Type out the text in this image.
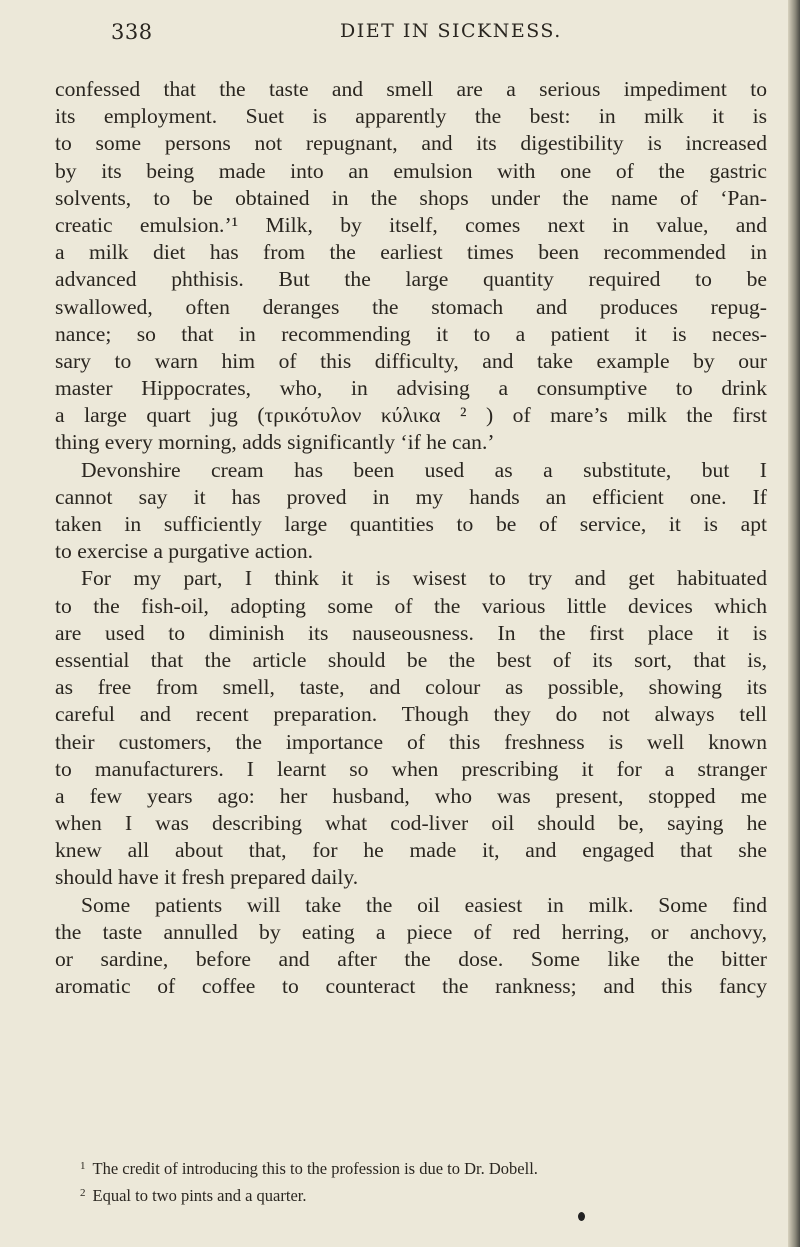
338	DIET IN SICKNESS.
confessed that the taste and smell are a serious impediment to
its employment. Suet is apparently the best: in milk it is
to some persons not repugnant, and its digestibility is increased
by its being made into an emulsion with one of the gastric
solvents, to be obtained in the shops under the name of ‘Pan-
creatic emulsion.’¹ Milk, by itself, comes next in value, and
a milk diet has from the earliest times been recommended in
advanced phthisis. But the large quantity required to be
swallowed, often deranges the stomach and produces repug-
nance; so that in recommending it to a patient it is neces-
sary to warn him of this difficulty, and take example by our
master Hippocrates, who, in advising a consumptive to drink
a large quart jug (τρικότυλον κύλικα ² ) of mare’s milk the first
thing every morning, adds significantly ‘if he can.’
Devonshire cream has been used as a substitute, but I
cannot say it has proved in my hands an efficient one. If
taken in sufficiently large quantities to be of service, it is apt
to exercise a purgative action.
For my part, I think it is wisest to try and get habituated
to the fish-oil, adopting some of the various little devices which
are used to diminish its nauseousness. In the first place it is
essential that the article should be the best of its sort, that is,
as free from smell, taste, and colour as possible, showing its
careful and recent preparation. Though they do not always tell
their customers, the importance of this freshness is well known
to manufacturers. I learnt so when prescribing it for a stranger
a few years ago: her husband, who was present, stopped me
when I was describing what cod-liver oil should be, saying he
knew all about that, for he made it, and engaged that she
should have it fresh prepared daily.
Some patients will take the oil easiest in milk. Some find
the taste annulled by eating a piece of red herring, or anchovy,
or sardine, before and after the dose. Some like the bitter
aromatic of coffee to counteract the rankness; and this fancy
$^1$ The credit of introducing this to the profession is due to Dr. Dobell.
$^2$ Equal to two pints and a quarter.
